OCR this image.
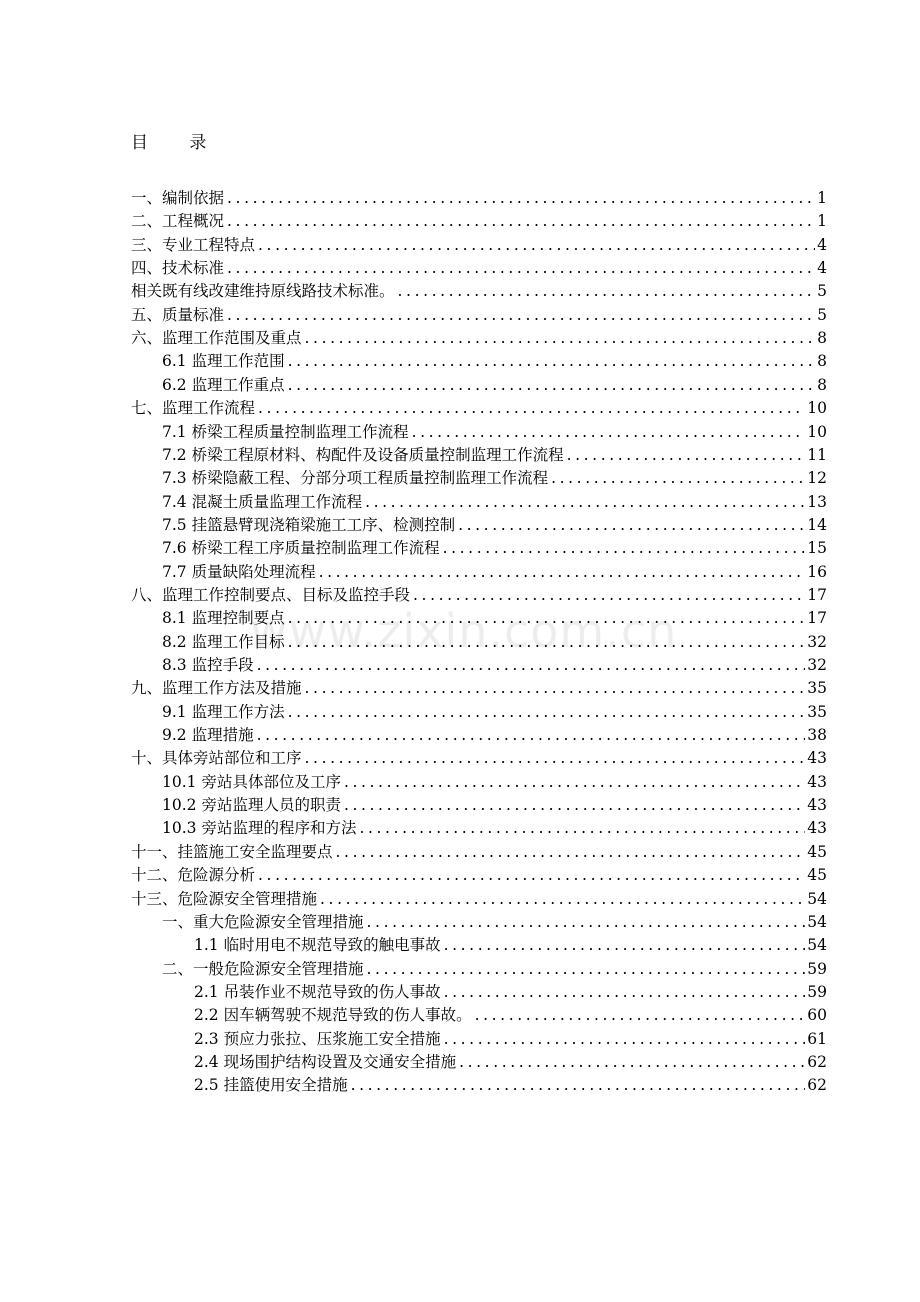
目 录
www.zixin.com.cn
一、编制依据 .....	1
二、工程概况 .....	1
三、专业工程特点 .....	4
四、技术标准 .....	4
相关既有线改建维持原线路技术标准。 .....	5
五、质量标准 .....	5
六、监理工作范围及重点 .....	8
6.1 监理工作范围 .....	8
6.2 监理工作重点 .....	8
七、监理工作流程 .....	10
7.1 桥梁工程质量控制监理工作流程 .....	10
7.2 桥梁工程原材料、构配件及设备质量控制监理工作流程 .....	11
7.3 桥梁隐蔽工程、分部分项工程质量控制监理工作流程 .....	12
7.4 混凝土质量监理工作流程 .....	13
7.5 挂篮悬臂现浇箱梁施工工序、检测控制 .....	14
7.6 桥梁工程工序质量控制监理工作流程 .....	15
7.7 质量缺陷处理流程 .....	16
八、监理工作控制要点、目标及监控手段 .....	17
8.1 监理控制要点 .....	17
8.2 监理工作目标 .....	32
8.3 监控手段 .....	32
九、监理工作方法及措施 .....	35
9.1 监理工作方法 .....	35
9.2 监理措施 .....	38
十、具体旁站部位和工序 .....	43
10.1 旁站具体部位及工序 .....	43
10.2 旁站监理人员的职责 .....	43
10.3 旁站监理的程序和方法 .....	43
十一、挂篮施工安全监理要点 .....	45
十二、危险源分析 .....	45
十三、危险源安全管理措施 .....	54
一、重大危险源安全管理措施 .....	54
1.1 临时用电不规范导致的触电事故 .....	54
二、一般危险源安全管理措施 .....	59
2.1 吊装作业不规范导致的伤人事故 .....	59
2.2 因车辆驾驶不规范导致的伤人事故。 .....	60
2.3 预应力张拉、压浆施工安全措施 .....	61
2.4 现场围护结构设置及交通安全措施 .....	62
2.5 挂篮使用安全措施 .....	62
